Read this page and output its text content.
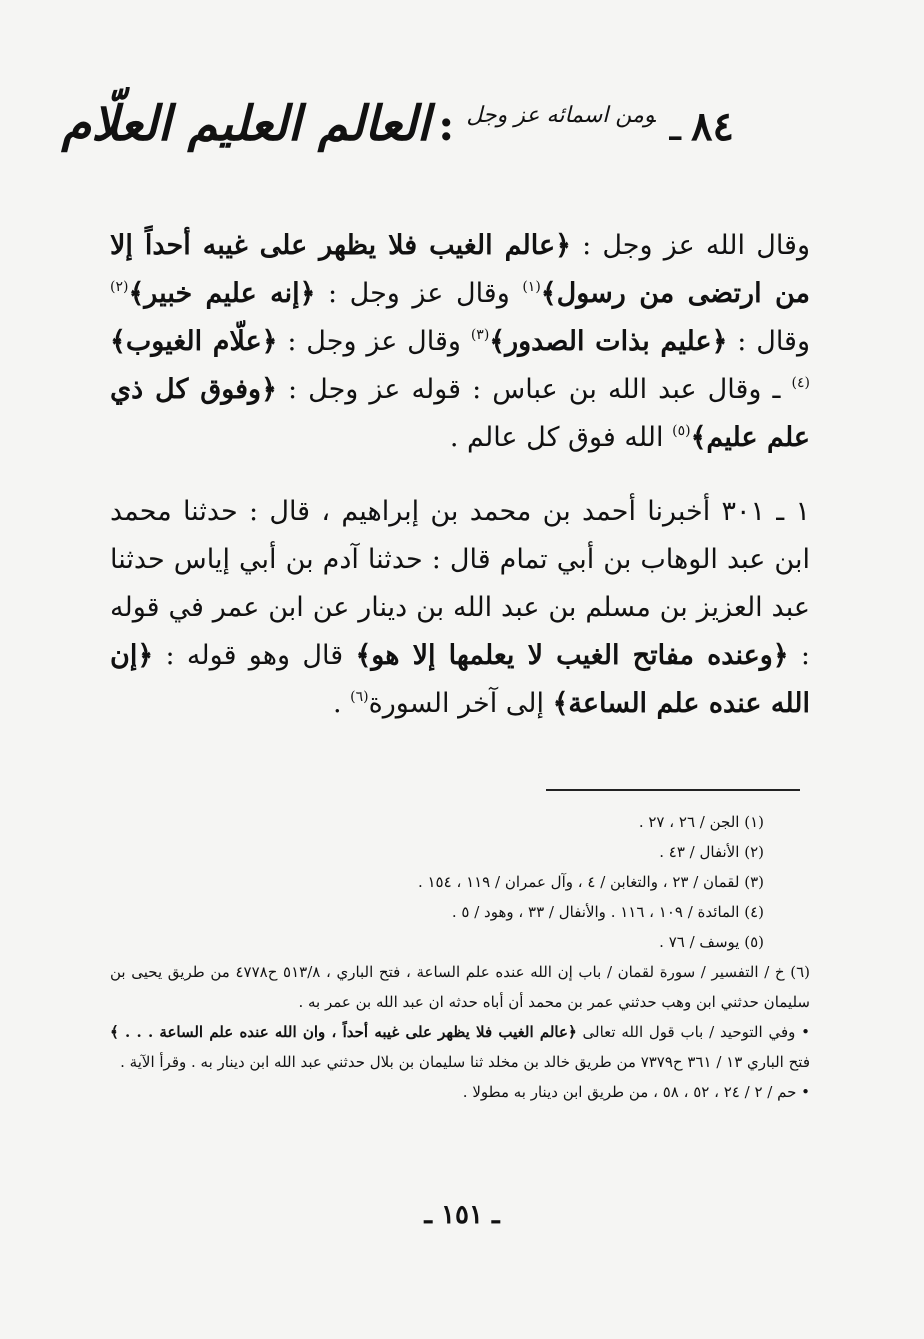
٨٤ـومن اسمائه عز وجل:العالم العليم العلّام
وقال الله عز وجل : ﴿عالم الغيب فلا يظهر على غيبه أحداً إلا من ارتضى من رسول﴾$^{(١)}$ وقال عز وجل : ﴿إنه عليم خبير﴾$^{(٢)}$ وقال : ﴿عليم بذات الصدور﴾$^{(٣)}$ وقال عز وجل : ﴿علّام الغيوب﴾$^{(٤)}$ ـ وقال عبد الله بن عباس : قوله عز وجل : ﴿وفوق كل ذي علم عليم﴾$^{(٥)}$ الله فوق كل عالم .
١ ـ ٣٠١ أخبرنا أحمد بن محمد بن إبراهيم ، قال : حدثنا محمد ابن عبد الوهاب بن أبي تمام قال : حدثنا آدم بن أبي إياس حدثنا عبد العزيز بن مسلم بن عبد الله بن دينار عن ابن عمر في قوله : ﴿وعنده مفاتح الغيب لا يعلمها إلا هو﴾ قال وهو قوله : ﴿إن الله عنده علم الساعة﴾ إلى آخر السورة$^{(٦)}$ .

(١) الجن / ٢٦ ، ٢٧ .

(٢) الأنفال / ٤٣ .

(٣) لقمان / ٢٣ ، والتغابن / ٤ ، وآل عمران / ١١٩ ، ١٥٤ .

(٤) المائدة / ١٠٩ ، ١١٦ . والأنفال / ٣٣ ، وهود / ٥ .

(٥) يوسف / ٧٦ .

(٦) خ / التفسير / سورة لقمان / باب إن الله عنده علم الساعة ، فتح الباري ، ٥١٣/٨ ح٤٧٧٨ من طريق يحيى بن سليمان حدثني ابن وهب حدثني عمر بن محمد أن أباه حدثه ان عبد الله بن عمر به .

• وفي التوحيد / باب قول الله تعالى ﴿عالم الغيب فلا يظهر على غيبه أحداً ، وان الله عنده علم الساعة . . . ﴾ فتح الباري ١٣ / ٣٦١ ح٧٣٧٩ من طريق خالد بن مخلد ثنا سليمان بن بلال حدثني عبد الله ابن دينار به . وقرأ الآية .

• حم / ٢ / ٢٤ ، ٥٢ ، ٥٨ ، من طريق ابن دينار به مطولا .

ـ ١٥١ ـ
